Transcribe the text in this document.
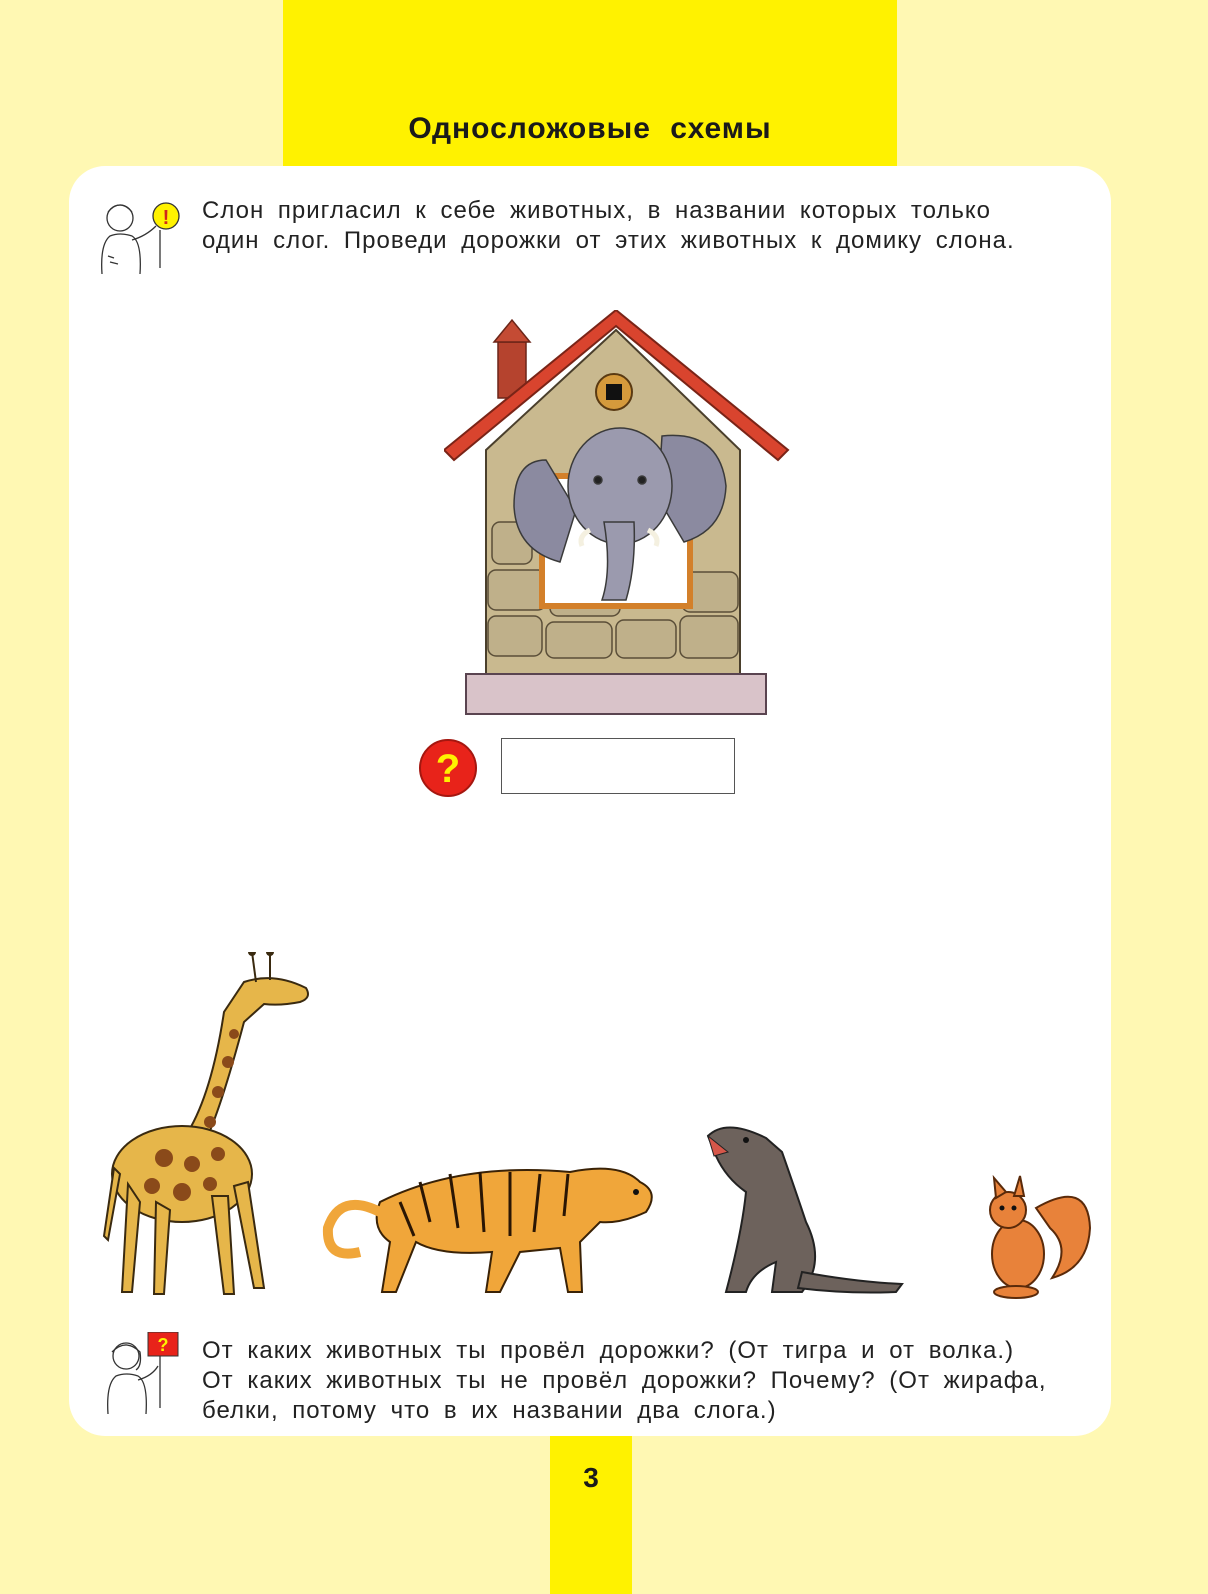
Односложовые схемы
! Слон пригласил к себе животных, в названии которых только
один слог. Проведи дорожки от этих животных к домику слона.
?
? От каких животных ты провёл дорожки? (От тигра и от волка.)
От каких животных ты не провёл дорожки? Почему? (От жирафа,
белки, потому что в их названии два слога.)
3
